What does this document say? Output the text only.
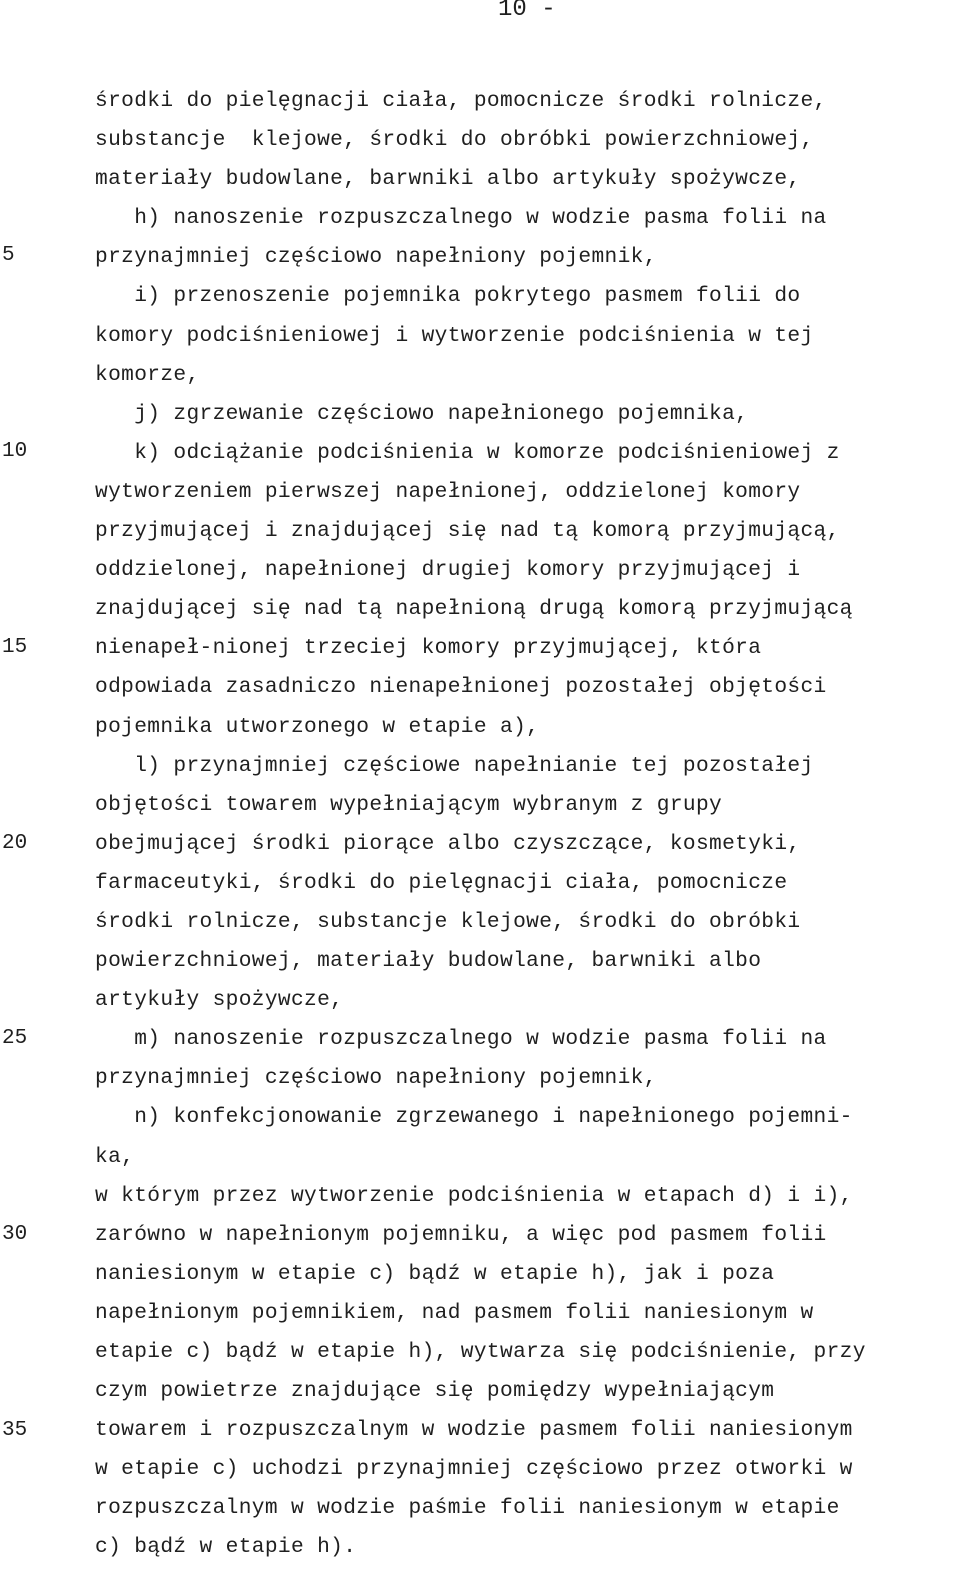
10 -
5
10
15
20
25
30
35
środki do pielęgnacji ciała, pomocnicze środki rolnicze,
substancje  klejowe, środki do obróbki powierzchniowej,
materiały budowlane, barwniki albo artykuły spożywcze,
h) nanoszenie rozpuszczalnego w wodzie pasma folii na
przynajmniej częściowo napełniony pojemnik,
i) przenoszenie pojemnika pokrytego pasmem folii do
komory podciśnieniowej i wytworzenie podciśnienia w tej
komorze,
j) zgrzewanie częściowo napełnionego pojemnika,
k) odciążanie podciśnienia w komorze podciśnieniowej z
wytworzeniem pierwszej napełnionej, oddzielonej komory
przyjmującej i znajdującej się nad tą komorą przyjmującą,
oddzielonej, napełnionej drugiej komory przyjmującej i
znajdującej się nad tą napełnioną drugą komorą przyjmującą
nienapeł-nionej trzeciej komory przyjmującej, która
odpowiada zasadniczo nienapełnionej pozostałej objętości
pojemnika utworzonego w etapie a),
l) przynajmniej częściowe napełnianie tej pozostałej
objętości towarem wypełniającym wybranym z grupy
obejmującej środki piorące albo czyszczące, kosmetyki,
farmaceutyki, środki do pielęgnacji ciała, pomocnicze
środki rolnicze, substancje klejowe, środki do obróbki
powierzchniowej, materiały budowlane, barwniki albo
artykuły spożywcze,
m) nanoszenie rozpuszczalnego w wodzie pasma folii na
przynajmniej częściowo napełniony pojemnik,
n) konfekcjonowanie zgrzewanego i napełnionego pojemni-
ka,
w którym przez wytworzenie podciśnienia w etapach d) i i),
zarówno w napełnionym pojemniku, a więc pod pasmem folii
naniesionym w etapie c) bądź w etapie h), jak i poza
napełnionym pojemnikiem, nad pasmem folii naniesionym w
etapie c) bądź w etapie h), wytwarza się podciśnienie, przy
czym powietrze znajdujące się pomiędzy wypełniającym
towarem i rozpuszczalnym w wodzie pasmem folii naniesionym
w etapie c) uchodzi przynajmniej częściowo przez otworki w
rozpuszczalnym w wodzie paśmie folii naniesionym w etapie
c) bądź w etapie h).
